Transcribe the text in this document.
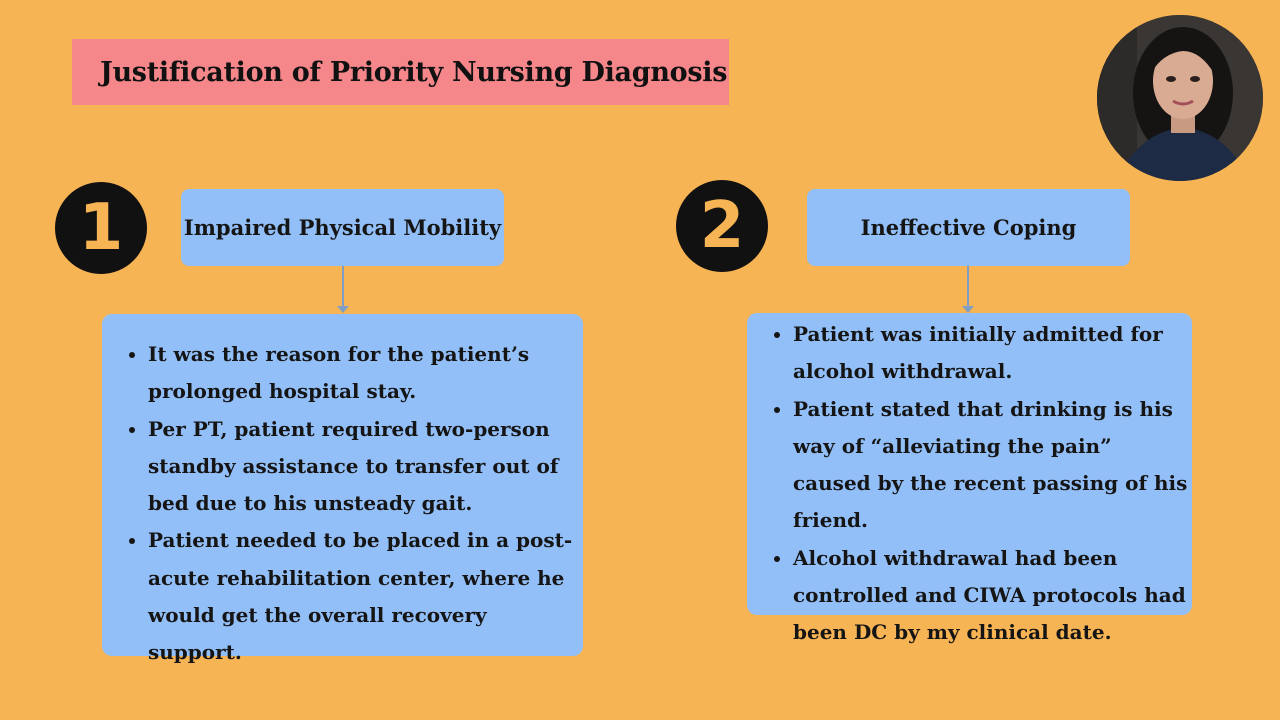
Justification of Priority Nursing Diagnosis
1	Impaired Physical Mobility
• It was the reason for the patient’s prolonged hospital stay.
• Per PT, patient required two-person standby assistance to transfer out of bed due to his unsteady gait.
• Patient needed to be placed in a post-acute rehabilitation center, where he would get the overall recovery support.
2	Ineffective Coping
• Patient was initially admitted for alcohol withdrawal.
• Patient stated that drinking is his way of “alleviating the pain” caused by the recent passing of his friend.
• Alcohol withdrawal had been controlled and CIWA protocols had been DC by my clinical date.
